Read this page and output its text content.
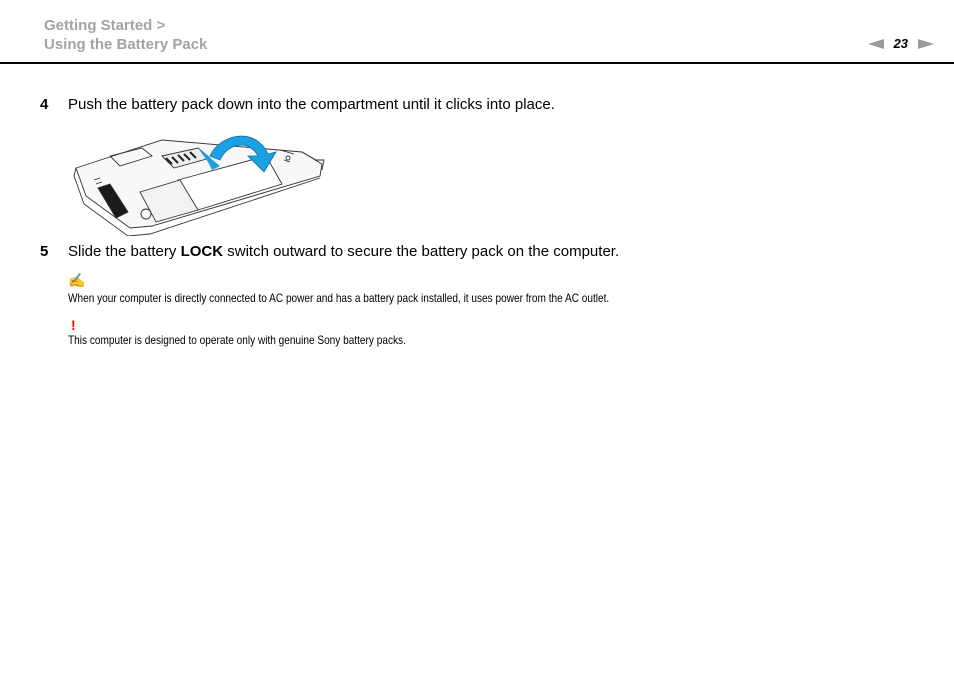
Getting Started >
Using the Battery Pack	23
4	Push the battery pack down into the compartment until it clicks into place.
5	Slide the battery LOCK switch outward to secure the battery pack on the computer.
✍
When your computer is directly connected to AC power and has a battery pack installed, it uses power from the AC outlet.
!
This computer is designed to operate only with genuine Sony battery packs.
